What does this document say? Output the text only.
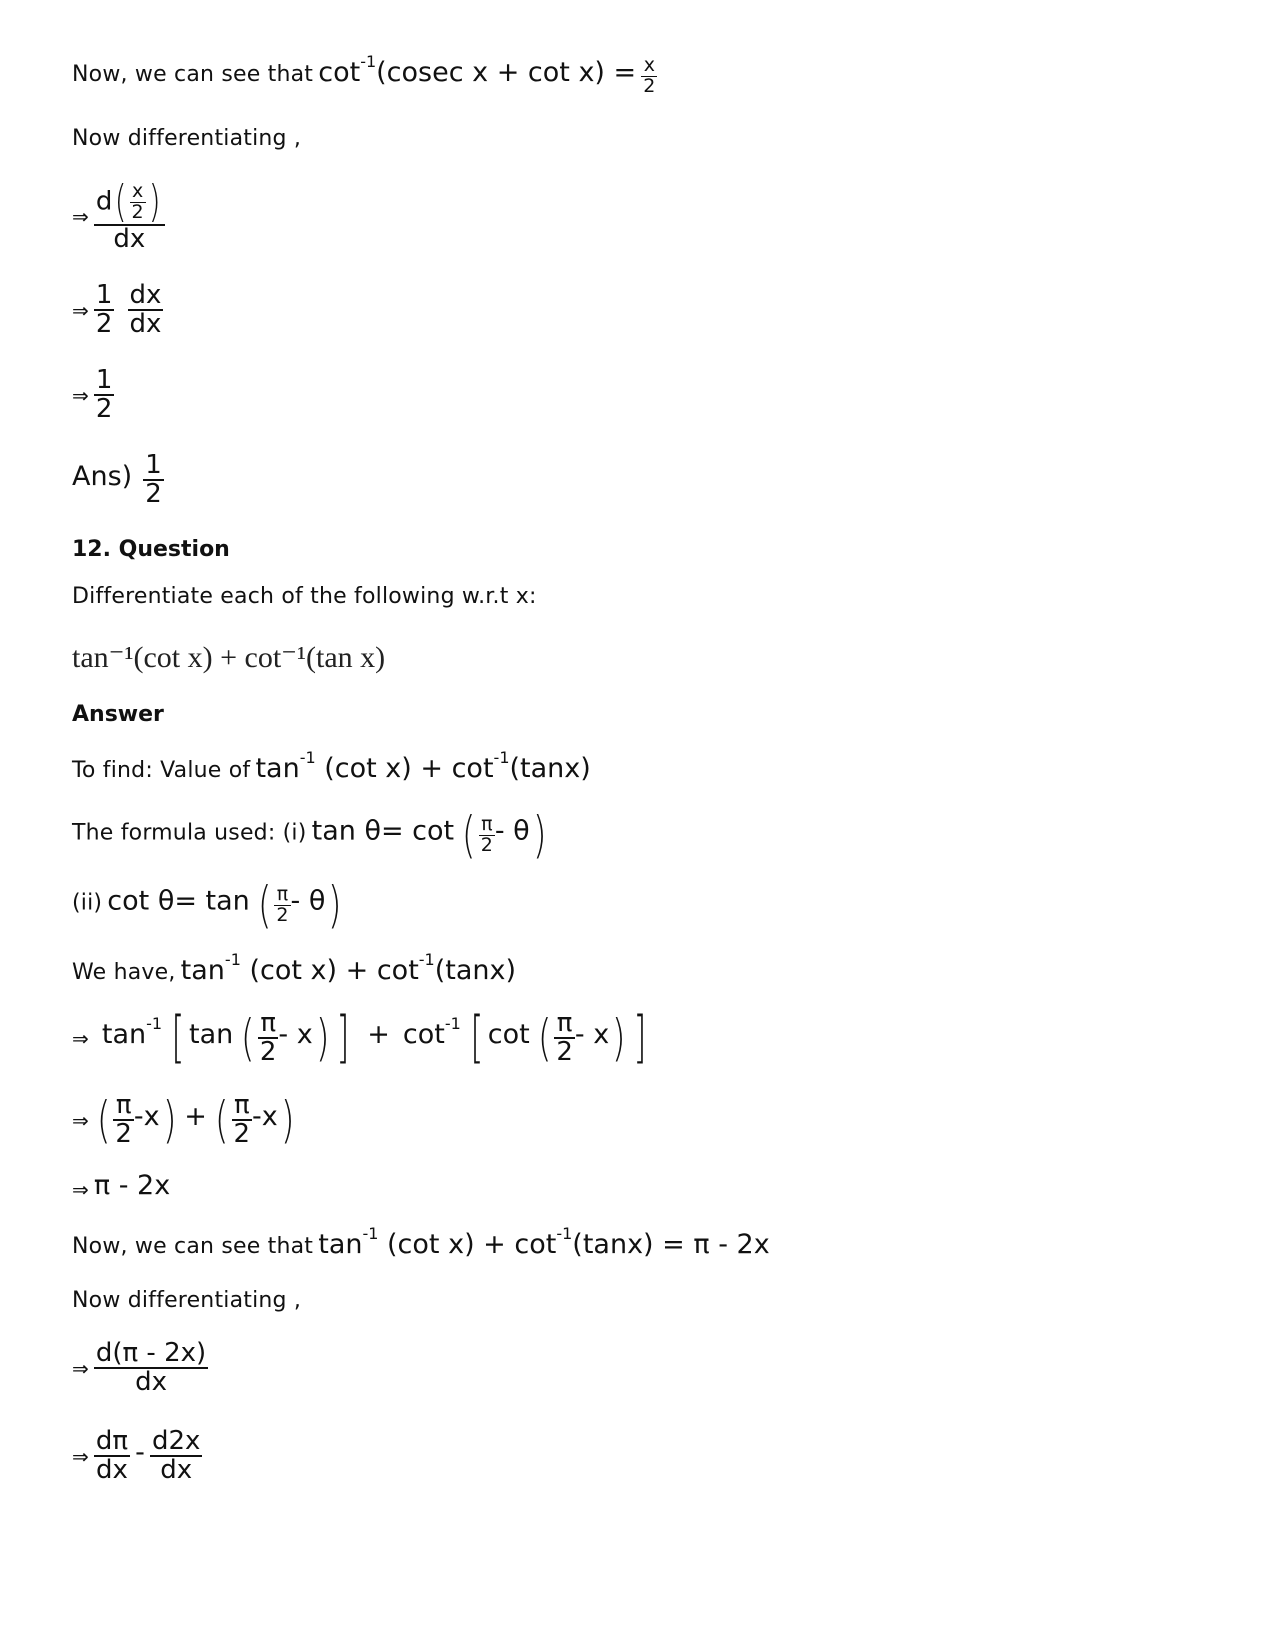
Now, we can see that $\cot^{-1}(cosec$ $x + \cot x) = \frac{x}{2}$
Now differentiating ,
⇒ $\frac{d( \frac{x}{2} )}{dx}$
⇒ $\frac{1}{2}$
$\frac{dx}{dx}$
⇒ $\frac{1}{2}$
$Ans) \frac{1}{2}$
12. Question
Differentiate each of the following w.r.t x:
tan⁻¹(cot x) + cot⁻¹(tan x)
Answer
To find: Value of $\tan^{-1} (\cot$ $x) + \cot^{-1}(\tan x)$
The formula used: (i) tan θ= cot ( $\frac{\pi}{2} - \theta$)
(ii) cot θ= tan ( $\frac{\pi}{2} - \theta$)
We have, $\tan^{-1} (\cot$ $x) + \cot^{-1}(\tan x)$
⇒ $\tan^{-1}$ [ tan ( $\frac{\pi}{2} - x$) ] + $\cot^{-1}$ [ cot ( $\frac{\pi}{2} - x$) ]
⇒ ( $\frac{\pi}{2} -x$) + ( $\frac{\pi}{2} -x$)
⇒ π - 2x
Now, we can see that $\tan^{-1} (\cot$ $x) + \cot^{-1}(\tan x) = \pi - 2x$
Now differentiating ,
⇒ $\frac{d(\pi - 2x)}{dx}$
⇒ $\frac{d\pi}{dx} - \frac{d2x}{dx}$
